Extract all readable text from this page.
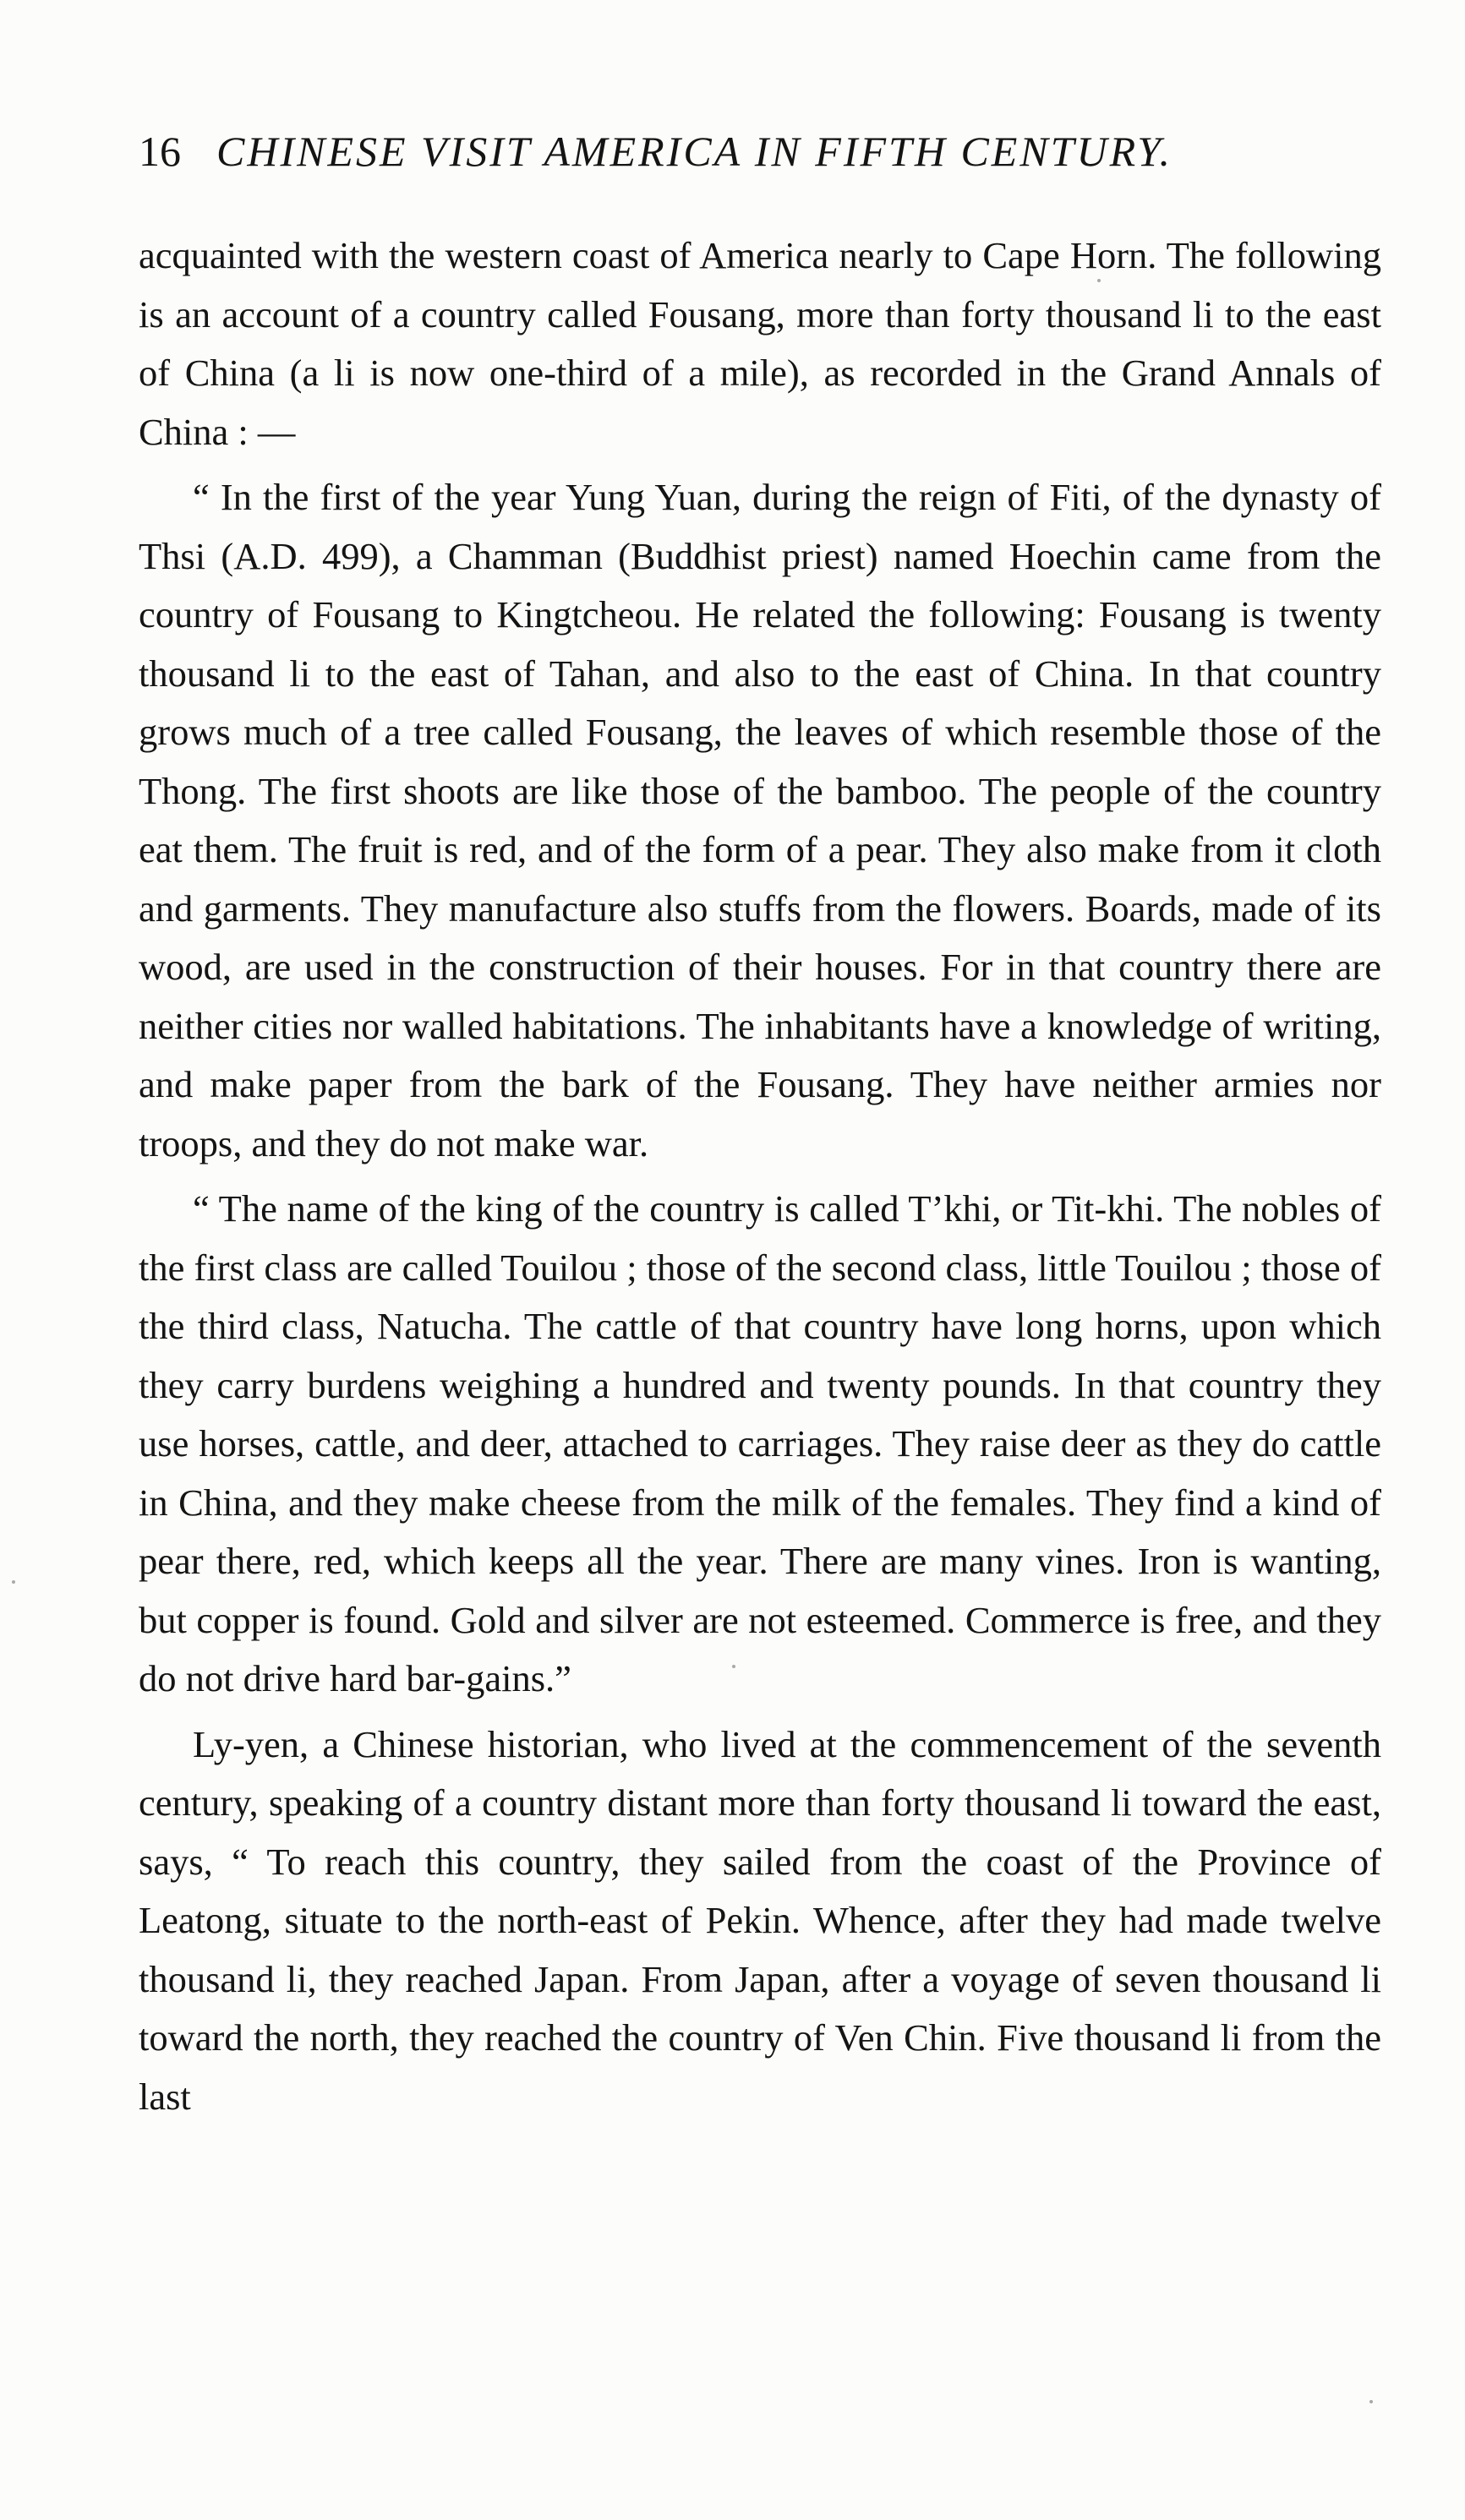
16 CHINESE VISIT AMERICA IN FIFTH CENTURY.

acquainted with the western coast of America nearly to Cape Horn. The following is an account of a country called Fousang, more than forty thousand li to the east of China (a li is now one-third of a mile), as recorded in the Grand Annals of China : —

“ In the first of the year Yung Yuan, during the reign of Fiti, of the dynasty of Thsi (A.D. 499), a Chamman (Buddhist priest) named Hoechin came from the country of Fousang to Kingtcheou. He related the following: Fousang is twenty thousand li to the east of Tahan, and also to the east of China. In that country grows much of a tree called Fousang, the leaves of which resemble those of the Thong. The first shoots are like those of the bamboo. The people of the country eat them. The fruit is red, and of the form of a pear. They also make from it cloth and garments. They manufacture also stuffs from the flowers. Boards, made of its wood, are used in the construction of their houses. For in that country there are neither cities nor walled habitations. The inhabitants have a knowledge of writing, and make paper from the bark of the Fousang. They have neither armies nor troops, and they do not make war.

“ The name of the king of the country is called T’khi, or Tit-khi. The nobles of the first class are called Touilou ; those of the second class, little Touilou ; those of the third class, Natucha. The cattle of that country have long horns, upon which they carry burdens weighing a hundred and twenty pounds. In that country they use horses, cattle, and deer, attached to carriages. They raise deer as they do cattle in China, and they make cheese from the milk of the females. They find a kind of pear there, red, which keeps all the year. There are many vines. Iron is wanting, but copper is found. Gold and silver are not esteemed. Commerce is free, and they do not drive hard bar-gains.”

Ly-yen, a Chinese historian, who lived at the commencement of the seventh century, speaking of a country distant more than forty thousand li toward the east, says, “ To reach this country, they sailed from the coast of the Province of Leatong, situate to the north-east of Pekin. Whence, after they had made twelve thousand li, they reached Japan. From Japan, after a voyage of seven thousand li toward the north, they reached the country of Ven Chin. Five thousand li from the last
